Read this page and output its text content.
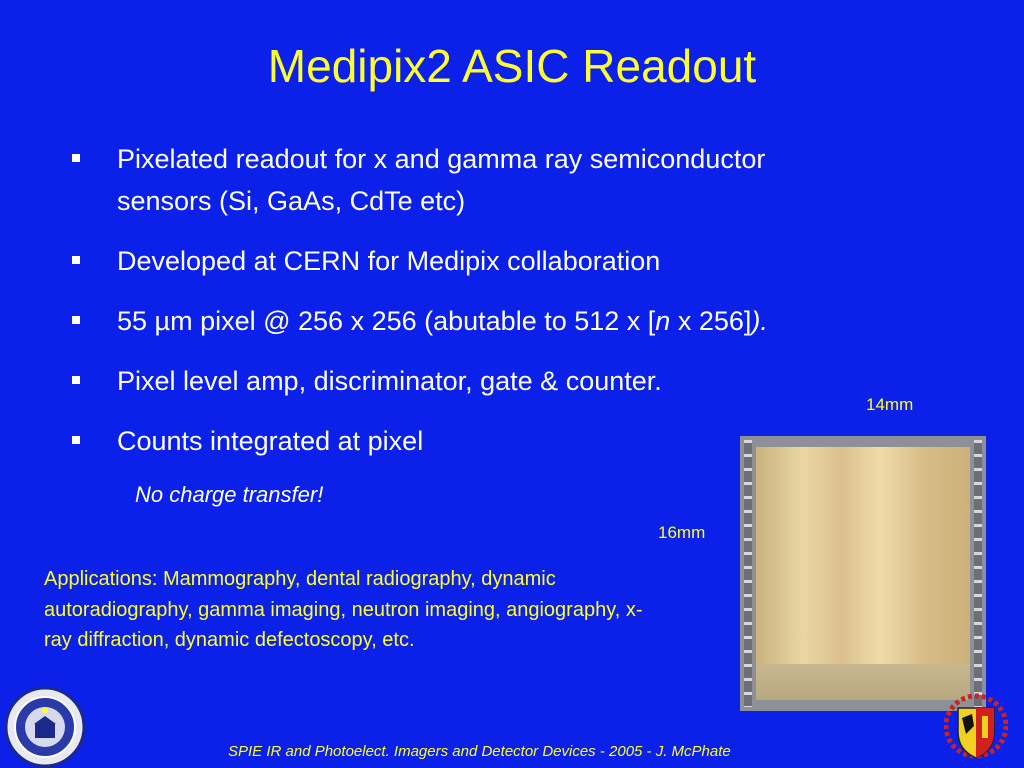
Medipix2 ASIC Readout
Pixelated readout for x and gamma ray semiconductor
sensors (Si, GaAs, CdTe etc)
Developed at CERN for Medipix collaboration
55 µm pixel @ 256 x 256 (abutable to 512 x [n x 256]).
Pixel level amp, discriminator, gate & counter.
Counts integrated at pixel
No charge transfer!
Applications: Mammography, dental radiography, dynamic autoradiography, gamma imaging, neutron imaging, angiography, x-ray diffraction, dynamic defectoscopy, etc.
14mm
16mm
SPIE IR and Photoelect. Imagers and Detector Devices - 2005 - J. McPhate
